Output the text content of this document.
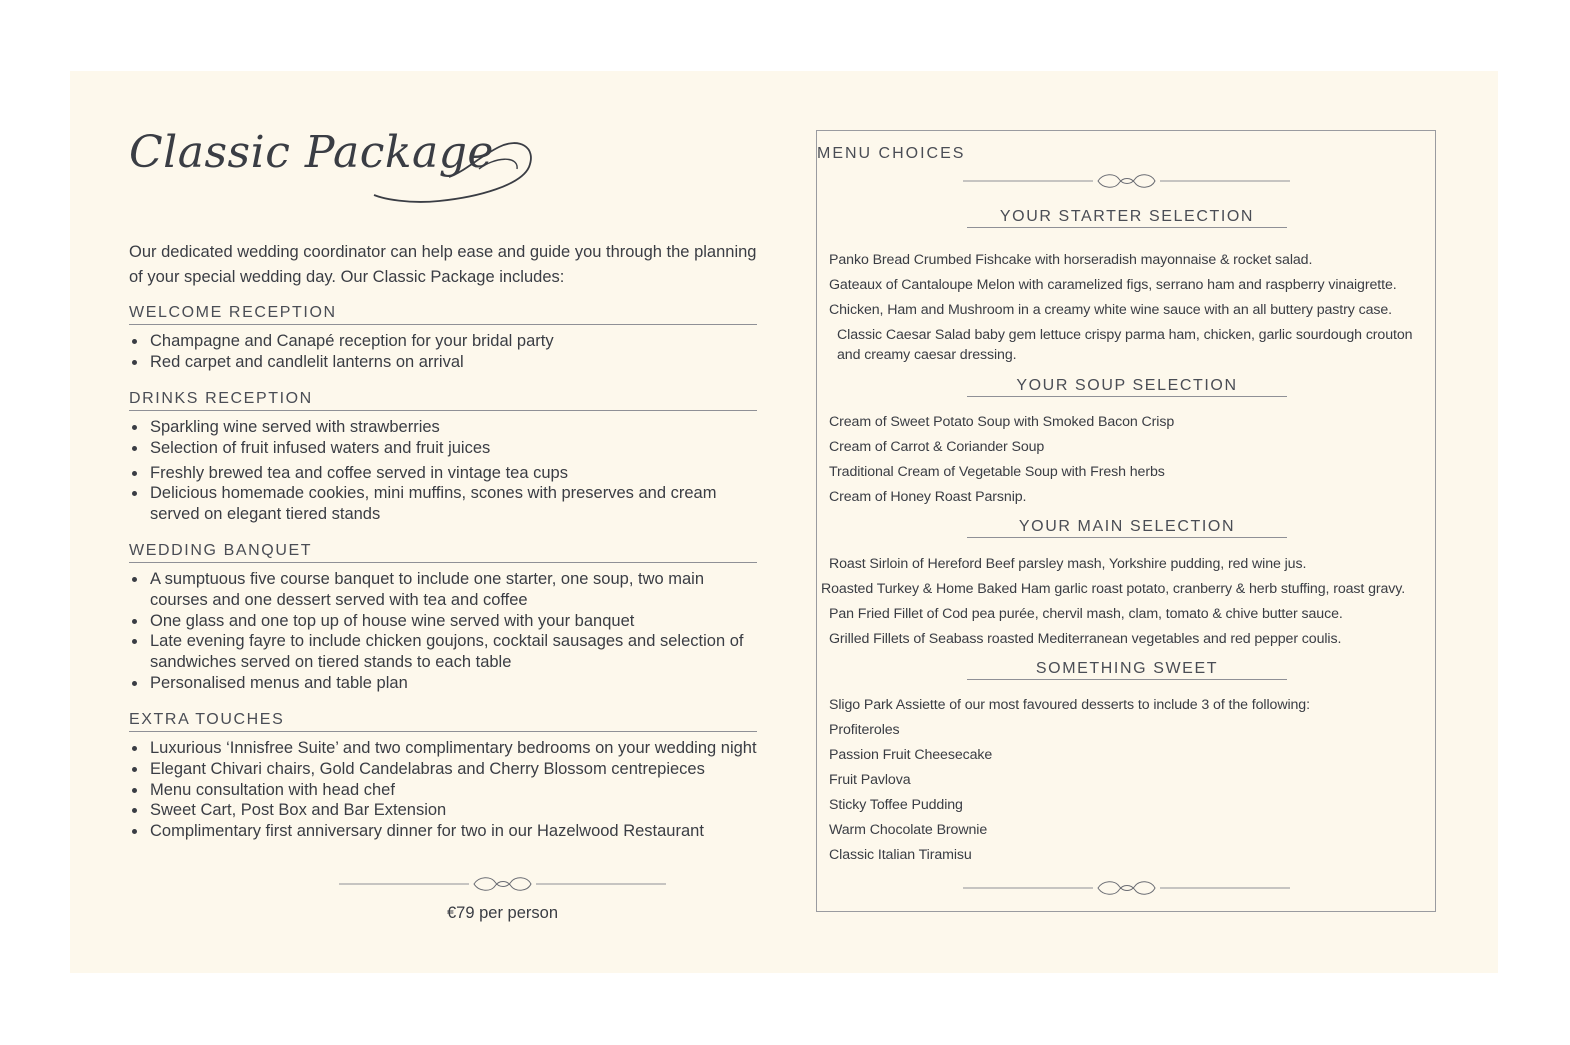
Classic Package

Our dedicated wedding coordinator can help ease and guide you through the planning of your special wedding day. Our Classic Package includes:

WELCOME RECEPTION
Champagne and Canapé reception for your bridal party
Red carpet and candlelit lanterns on arrival
DRINKS RECEPTION
Sparkling wine served with strawberries
Selection of fruit infused waters and fruit juices
Freshly brewed tea and coffee served in vintage tea cups
Delicious homemade cookies, mini muffins, scones with preserves and cream served on elegant tiered stands
WEDDING BANQUET
A sumptuous five course banquet to include one starter, one soup, two main courses and one dessert served with tea and coffee
One glass and one top up of house wine served with your banquet
Late evening fayre to include chicken goujons, cocktail sausages and selection of sandwiches served on tiered stands to each table
Personalised menus and table plan
EXTRA TOUCHES
Luxurious ‘Innisfree Suite’ and two complimentary bedrooms on your wedding night
Elegant Chivari chairs, Gold Candelabras and Cherry Blossom centrepieces
Menu consultation with head chef
Sweet Cart, Post Box and Bar Extension
Complimentary first anniversary dinner for two in our Hazelwood Restaurant
€79 per person
MENU CHOICES
YOUR STARTER SELECTION
Panko Bread Crumbed Fishcake with horseradish mayonnaise & rocket salad.
Gateaux of Cantaloupe Melon with caramelized figs, serrano ham and raspberry vinaigrette.
Chicken, Ham and Mushroom in a creamy white wine sauce with an all buttery pastry case.
Classic Caesar Salad baby gem lettuce crispy parma ham, chicken, garlic sourdough crouton and creamy caesar dressing.
YOUR SOUP SELECTION
Cream of Sweet Potato Soup with Smoked Bacon Crisp
Cream of Carrot & Coriander Soup
Traditional Cream of Vegetable Soup with Fresh herbs
Cream of Honey Roast Parsnip.
YOUR MAIN SELECTION
Roast Sirloin of Hereford Beef parsley mash, Yorkshire pudding, red wine jus.
Roasted Turkey & Home Baked Ham garlic roast potato, cranberry & herb stuffing, roast gravy.
Pan Fried Fillet of Cod pea purée, chervil mash, clam, tomato & chive butter sauce.
Grilled Fillets of Seabass roasted Mediterranean vegetables and red pepper coulis.
SOMETHING SWEET
Sligo Park Assiette of our most favoured desserts to include 3 of the following:
Profiteroles
Passion Fruit Cheesecake
Fruit Pavlova
Sticky Toffee Pudding
Warm Chocolate Brownie
Classic Italian Tiramisu
